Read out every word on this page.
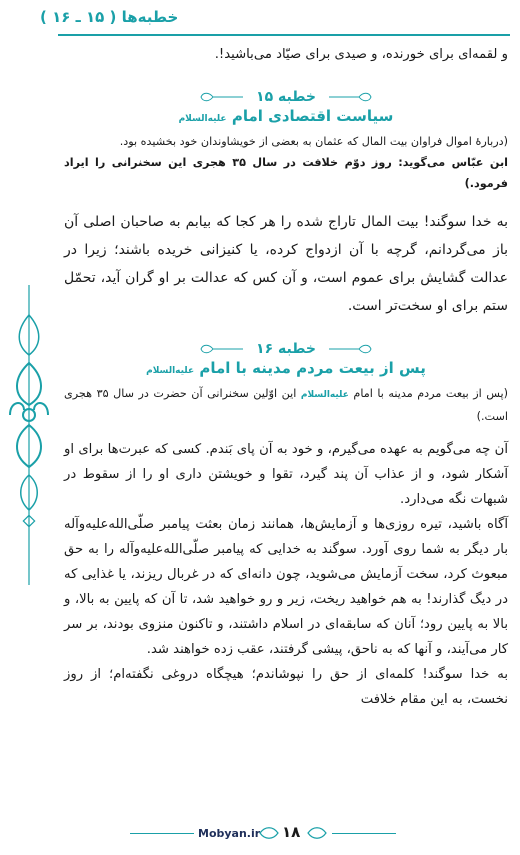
خطبه‌ها ( ۱۵ ـ ۱۶ )

و لقمه‌ای برای خورنده، و صیدی برای صیّاد می‌باشید!.

خطبه ۱۵
سیاست اقتصادی امام علیه‌السلام

(دربارۀ اموال فراوان بیت المال که عثمان به بعضی از خویشاوندان خود بخشیده بود.

ابن عبّاس می‌گوید: روز دوّم خلافت در سال ۳۵ هجری این سخنرانی را ایراد فرمود.)

به خدا سوگند! بیت المال تاراج شده را هر کجا که بیابم به صاحبان اصلی آن باز می‌گردانم، گرچه با آن ازدواج کرده، یا کنیزانی خریده باشند؛ زیرا در عدالت گشایش برای عموم است، و آن کس که عدالت بر او گران آید، تحمّل ستم برای او سخت‌تر است.

خطبه ۱۶
پس از بیعت مردم مدینه با امام علیه‌السلام

(پس از بیعت مردم مدینه با امام علیه‌السلام این اوّلین سخنرانی آن حضرت در سال ۳۵ هجری است.)

آن چه می‌گویم به عهده می‌گیرم، و خود به آن پای بَندم. کسی که عبرت‌ها برای او آشکار شود، و از عذاب آن پند گیرد، تقوا و خویشتن داری او را از سقوط در شبهات نگه می‌دارد.

آگاه باشید، تیره روزی‌ها و آزمایش‌ها، همانند زمان بعثت پیامبر صلّی‌الله‌علیه‌وآله بار دیگر به شما روی آورد. سوگند به خدایی که پیامبر صلّی‌الله‌علیه‌وآله را به حق مبعوث کرد، سخت آزمایش می‌شوید، چون دانه‌ای که در غربال ریزند، یا غذایی که در دیگ گذارند! به هم خواهید ریخت، زیر و رو خواهید شد، تا آن که پایین به بالا، و بالا به پایین رود؛ آنان که سابقه‌ای در اسلام داشتند، و تاکنون منزوی بودند، بر سر کار می‌آیند، و آنها که به ناحق، پیشی گرفتند، عقب زده خواهند شد.

به خدا سوگند! کلمه‌ای از حق را نپوشاندم؛ هیچگاه دروغی نگفته‌ام؛ از روز نخست، به این مقام خلافت

Mobyan.ir ۱۸
